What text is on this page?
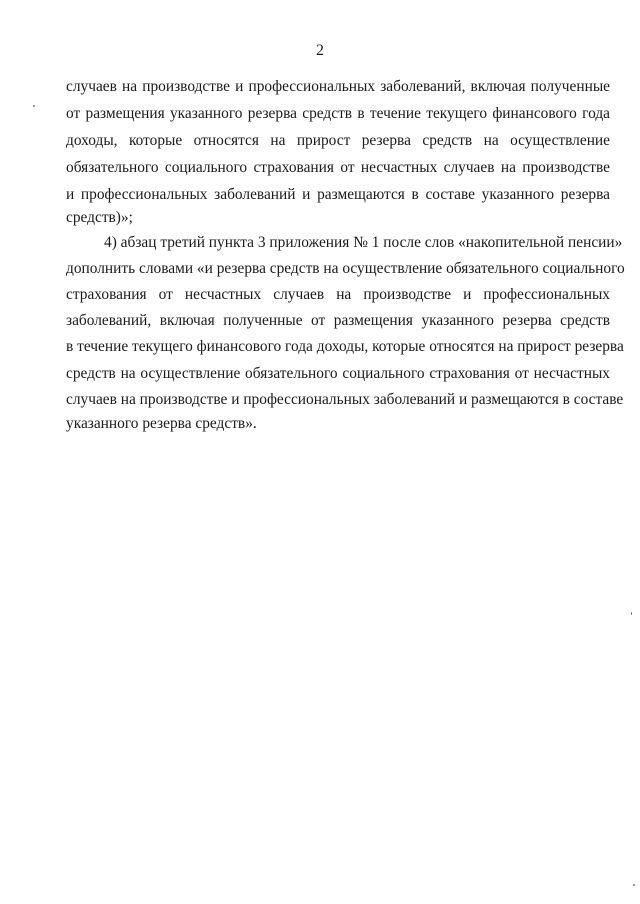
2
случаев на производстве и профессиональных заболеваний, включая полученные
от размещения указанного резерва средств в течение текущего финансового года
доходы, которые относятся на прирост резерва средств на осуществление
обязательного социального страхования от несчастных случаев на производстве
и профессиональных заболеваний и размещаются в составе указанного резерва
средств)»;
4) абзац третий пункта 3 приложения № 1 после слов «накопительной пенсии»
дополнить словами «и резерва средств на осуществление обязательного социального
страхования от несчастных случаев на производстве и профессиональных
заболеваний, включая полученные от размещения указанного резерва средств
в течение текущего финансового года доходы, которые относятся на прирост резерва
средств на осуществление обязательного социального страхования от несчастных
случаев на производстве и профессиональных заболеваний и размещаются в составе
указанного резерва средств».
